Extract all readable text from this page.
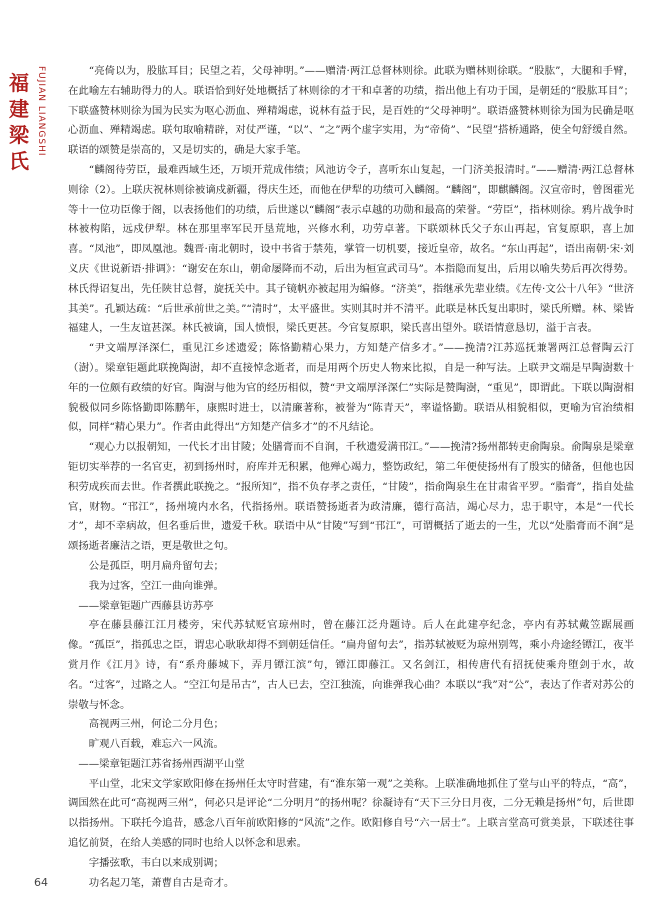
福
建
梁
氏
FUJIAN LIANGSHI	“亮倚以为，股肱耳目；民望之若，父母神明。”——赠清·两江总督林则徐。此联为赠林则徐联。“股肱”，大腿和手臂，在此喻左右辅助得力的人。联语恰到好处地概括了林则徐的才干和卓著的功绩，指出他上有功于国，是朝廷的“股肱耳目”；下联盛赞林则徐为国为民实为呕心沥血、殚精竭虑，说林有益于民，是百姓的“父母神明”。联语盛赞林则徐为国为民确是呕心沥血、殚精竭虑。联句取喻精辟，对仗严谨，“以”、“之”两个虚字实用，为“帝倚”、“民望”搭桥通路，使全句舒缓自然。联语的颂赞是崇高的，又是切实的，确是大家手笔。

“麟阁待劳臣，最难西域生还，万顷开荒成伟绩；风池访令子，喜听东山复起，一门济美报清时。”——赠清·两江总督林则徐（2）。上联庆祝林则徐被谪戍新疆，得庆生还，而他在伊犁的功绩可入麟阁。“麟阁”，即麒麟阁。汉宣帝时，曾图霍光等十一位功臣像于阁，以表扬他们的功绩，后世遂以“麟阁”表示卓越的功勋和最高的荣誉。“劳臣”，指林则徐。鸦片战争时林被构陷，远戍伊犁。林在那里率军民开垦荒地，兴修水利，功劳卓著。下联颂林氏父子东山再起，官复原职，喜上加喜。“凤池”，即凤凰池。魏晋·南北朝时，设中书省于禁苑，掌管一切机要，接近皇帝，故名。“东山再起”，语出南朝·宋·刘义庆《世说新语·排调》：“谢安在东山，朝命屡降而不动，后出为桓宣武司马”。本指隐而复出，后用以喻失势后再次得势。林氏得诏复出，先任陕甘总督，旋抚关中。其子镜帆亦被起用为编修。“济美”，指继承先辈业绩。《左传·文公十八年》“世济其美”。孔颖达疏：“后世承前世之美。”“清时”，太平盛世。实则其时并不清平。此联是林氏复出职时，梁氏所赠。林、梁皆福建人，一生友谊甚深。林氏被谪，国人愤恨，梁氏更甚。今官复原职，梁氏喜出望外。联语情意恳切，溢于言表。

“尹文端厚泽深仁，重见江乡述遗爱；陈恪勤精心果力，方知楚产信多才。”——挽清?江苏巡抚兼署两江总督陶云汀（澍）。梁章钜题此联挽陶澍，却不直接悼念逝者，而是用两个历史人物来比拟，自是一种写法。上联尹文端是早陶澍数十年的一位颇有政绩的好官。陶澍与他为官的经历相似，赞“尹文端厚泽深仁”实际是赞陶澍，“重见”，即谓此。下联以陶澍相貌极似同乡陈恪勤即陈鹏年，康熙时进士，以清廉著称，被誉为“陈青天”，率谥恪勤。联语从相貌相似，更喻为官治绩相似，同样“精心果力”。作者由此得出“方知楚产信多才”的不凡结论。

“观心力以报朝知，一代长才出甘陵；处膳膏而不自润，千秋遗爱满邗江。”——挽清?扬州都转吏俞陶泉。俞陶泉是梁章钜切实举荐的一名官吏，初到扬州时，府库并无积累，他殚心竭力，整饬政纪，第二年便使扬州有了殷实的储备，但他也因积劳成疾而去世。作者撰此联挽之。“报所知”，指不负存孝之责任，“甘陵”，指俞陶泉生在甘肃省平罗。“脂膏”，指自处盐官，财物。“邗江”，扬州境内水名，代指扬州。联语赞扬逝者为政清廉，德行高洁，竭心尽力，忠于职守，本是“一代长才”，却不幸病故，但名垂后世，遗爱千秋。联语中从“甘陵”写到“邗江”，可谓概括了逝去的一生，尤以“处脂膏而不润”是颂扬逝者廉洁之语，更是敬世之句。

公是孤臣，明月扁舟留句去；

我为过客，空江一曲向谁弹。

——梁章钜题广西藤县访苏亭

亭在藤县藤江江月楼旁，宋代苏轼贬官琼州时，曾在藤江泛舟题诗。后人在此建亭纪念，亭内有苏轼戴笠踞展画像。“孤臣”，指孤忠之臣，谓忠心耿耿却得不到朝廷信任。“扁舟留句去”，指苏轼被贬为琼州别驾，乘小舟途经镡江，夜半赏月作《江月》诗，有“系舟藤城下，弄月镡江滨”句，镡江即藤江。又名剑江，相传唐代有招抚使乘舟堕剑于水，故名。“过客”，过路之人。“空江句是吊古”，古人已去，空江独流，向谁弹我心曲？本联以“我”对“公”，表达了作者对苏公的崇敬与怀念。

高视两三州，何论二分月色；

旷观八百载，难忘六一风流。

——梁章钜题江苏省扬州西湖平山堂

平山堂，北宋文学家欧阳修在扬州任太守时营建，有“淮东第一观”之美称。上联准确地抓住了堂与山平的特点，“高”，调国然在此可“高视两三州”，何必只是评论“二分明月”的扬州呢？徐凝诗有“天下三分日月夜，二分无赖是扬州”句，后世即以指扬州。下联托今追昔，感念八百年前欧阳修的“风流”之作。欧阳修自号“六一居士”。上联言堂高可赏美景，下联述往事追忆前贤，在给人美感的同时也给人以怀念和思索。

字播弦歌，韦白以来成别调；

功名起刀笔，萧曹自古是奇才。

64
